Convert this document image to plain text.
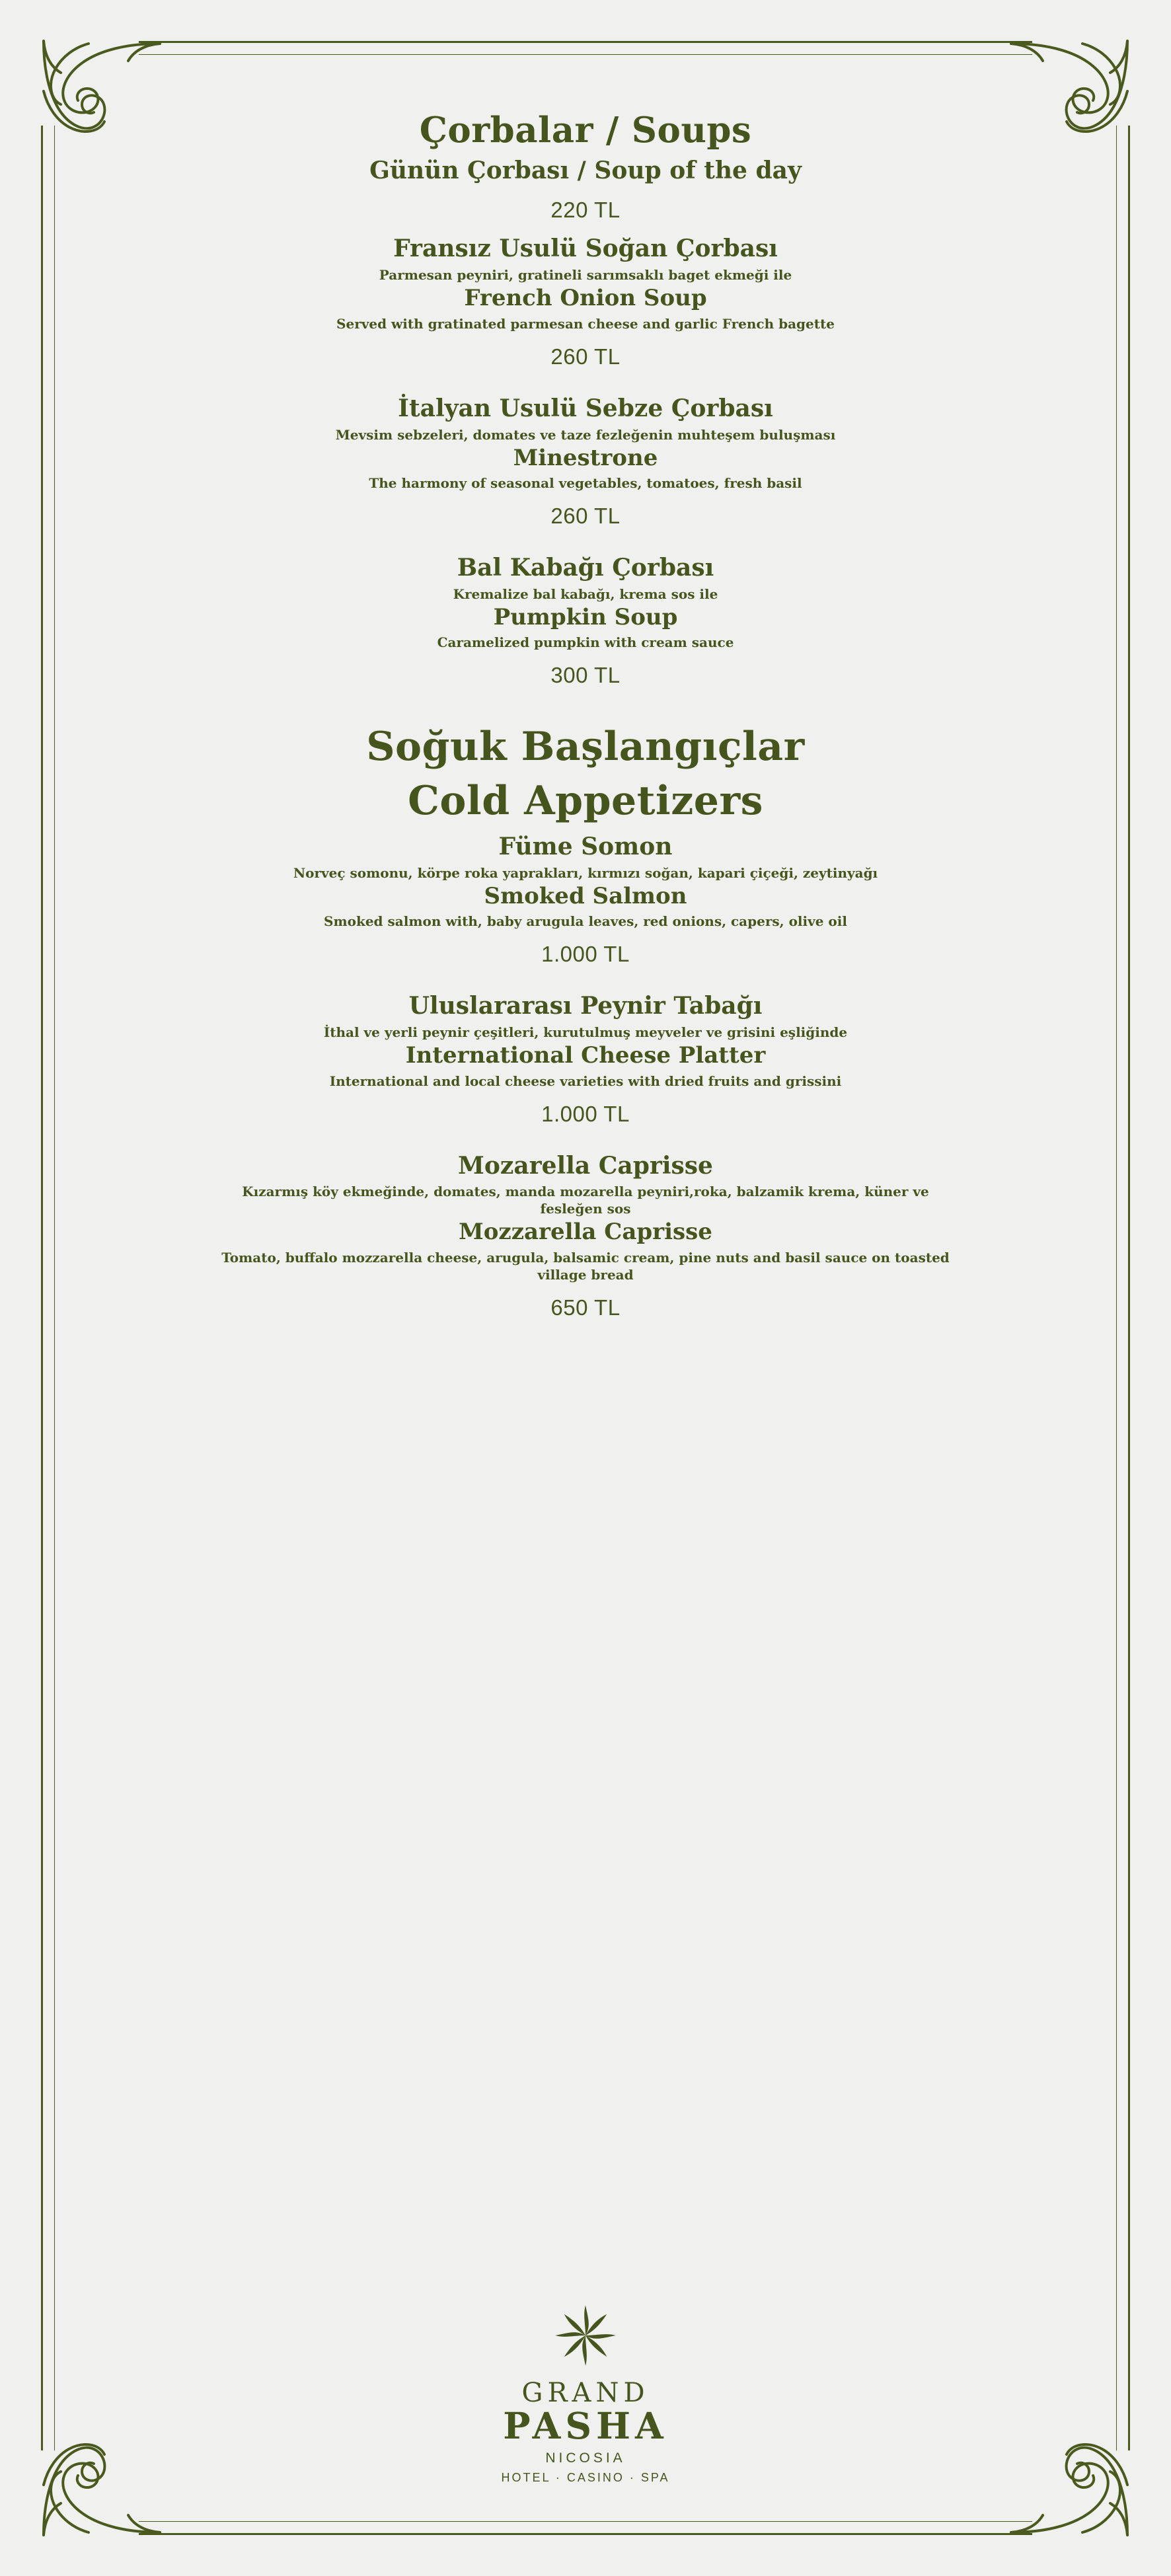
Çorbalar / Soups
Günün Çorbası / Soup of the day
220 TL
Fransız Usulü Soğan Çorbası
Parmesan peyniri, gratineli sarımsaklı baget ekmeği ile
French Onion Soup
Served with gratinated parmesan cheese and garlic French bagette
260 TL
İtalyan Usulü Sebze Çorbası
Mevsim sebzeleri, domates ve taze fezleğenin muhteşem buluşması
Minestrone
The harmony of seasonal vegetables, tomatoes, fresh basil
260 TL
Bal Kabağı Çorbası
Kremalize bal kabağı, krema sos ile
Pumpkin Soup
Caramelized pumpkin with cream sauce
300 TL
Soğuk Başlangıçlar
Cold Appetizers
Füme Somon
Norveç somonu, körpe roka yaprakları, kırmızı soğan, kapari çiçeği, zeytinyağı
Smoked Salmon
Smoked salmon with, baby arugula leaves, red onions, capers, olive oil
1.000 TL
Uluslararası Peynir Tabağı
İthal ve yerli peynir çeşitleri, kurutulmuş meyveler ve grisini eşliğinde
International Cheese Platter
International and local cheese varieties with dried fruits and grissini
1.000 TL
Mozarella Caprisse
Kızarmış köy ekmeğinde, domates, manda mozarella peyniri,roka, balzamik krema, küner ve fesleğen sos
Mozzarella Caprisse
Tomato, buffalo mozzarella cheese, arugula, balsamic cream, pine nuts and basil sauce on toasted village bread
650 TL
GRAND
PASHA
NICOSIA
HOTEL · CASINO · SPA
